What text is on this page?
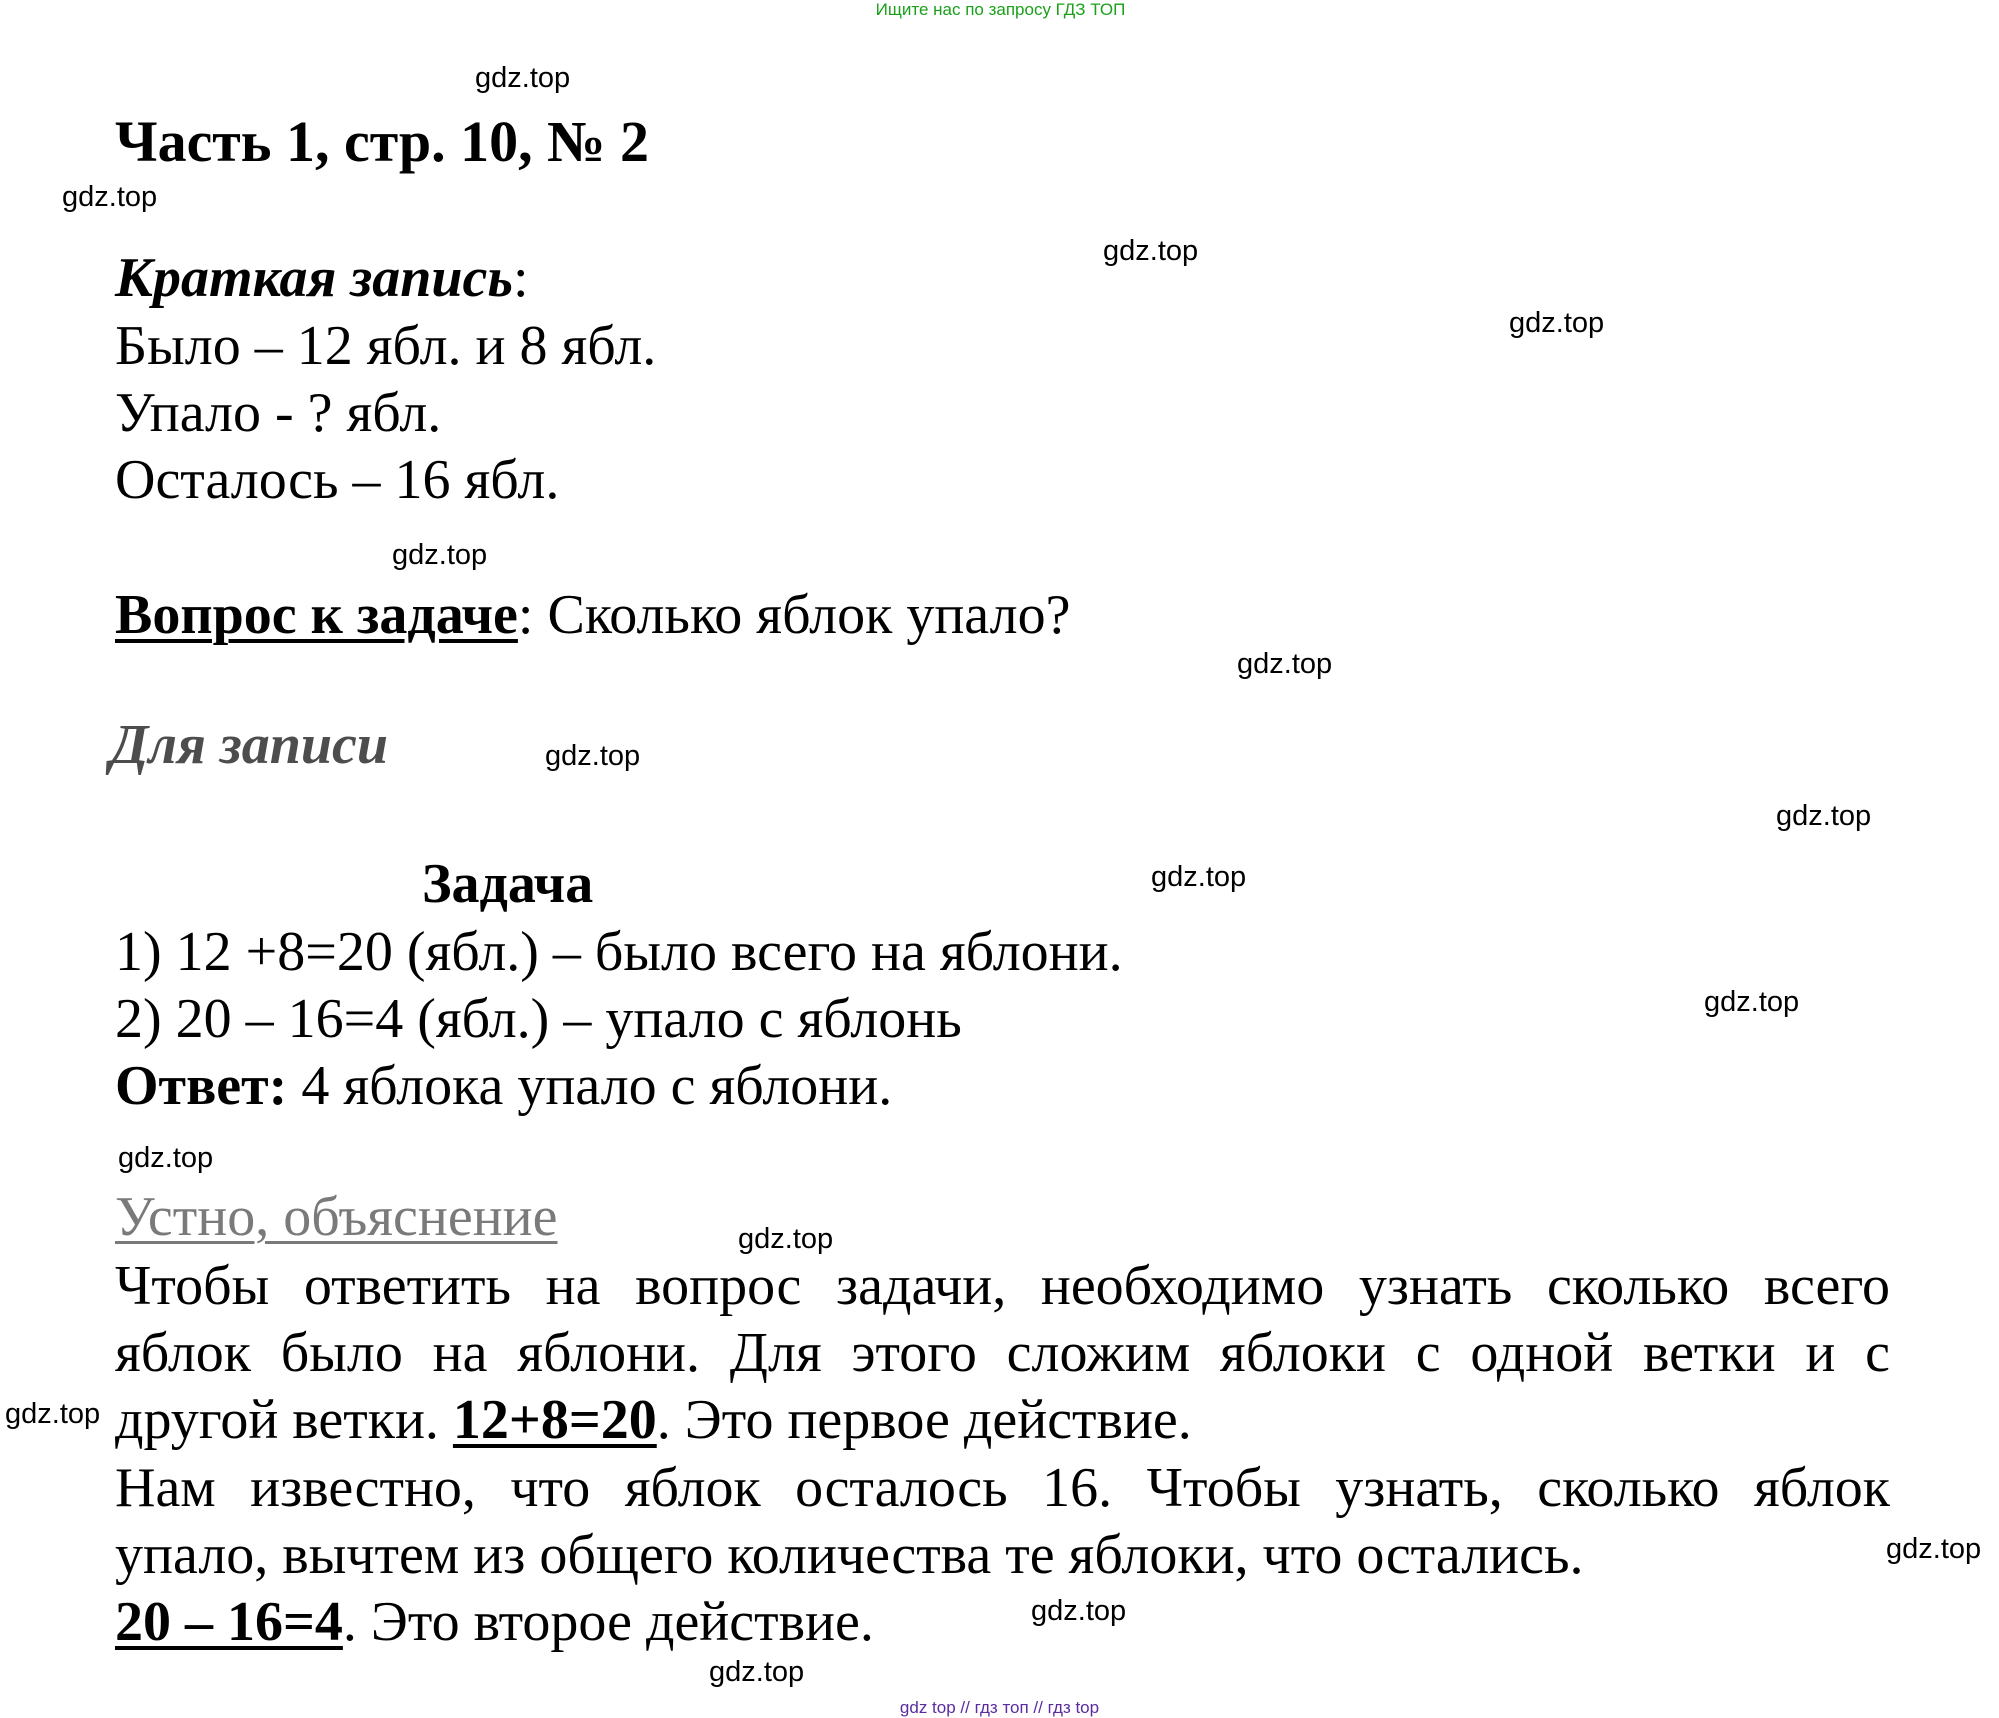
Ищите нас по запросу ГДЗ ТОП
Часть 1, стр. 10, № 2
Краткая запись:
Было – 12 ябл. и 8 ябл.
Упало - ? ябл.
Осталось – 16 ябл.
Вопрос к задаче: Сколько яблок упало?
Для записи
Задача
1) 12 +8=20 (ябл.) – было всего на яблони.
2) 20 – 16=4 (ябл.) – упало с яблонь
Ответ: 4 яблока упало с яблони.
Устно, объяснение
Чтобы ответить на вопрос задачи, необходимо узнать сколько всего
яблок было на яблони. Для этого сложим яблоки с одной ветки и с
другой ветки. 12+8=20. Это первое действие.
Нам известно, что яблок осталось 16. Чтобы узнать, сколько яблок
упало, вычтем из общего количества те яблоки, что остались.
20 – 16=4. Это второе действие.
gdz.top
gdz.top
gdz.top
gdz.top
gdz.top
gdz.top
gdz.top
gdz.top
gdz.top
gdz.top
gdz.top
gdz.top
gdz.top
gdz.top
gdz.top
gdz.top
gdz top // гдз топ // гдз top
